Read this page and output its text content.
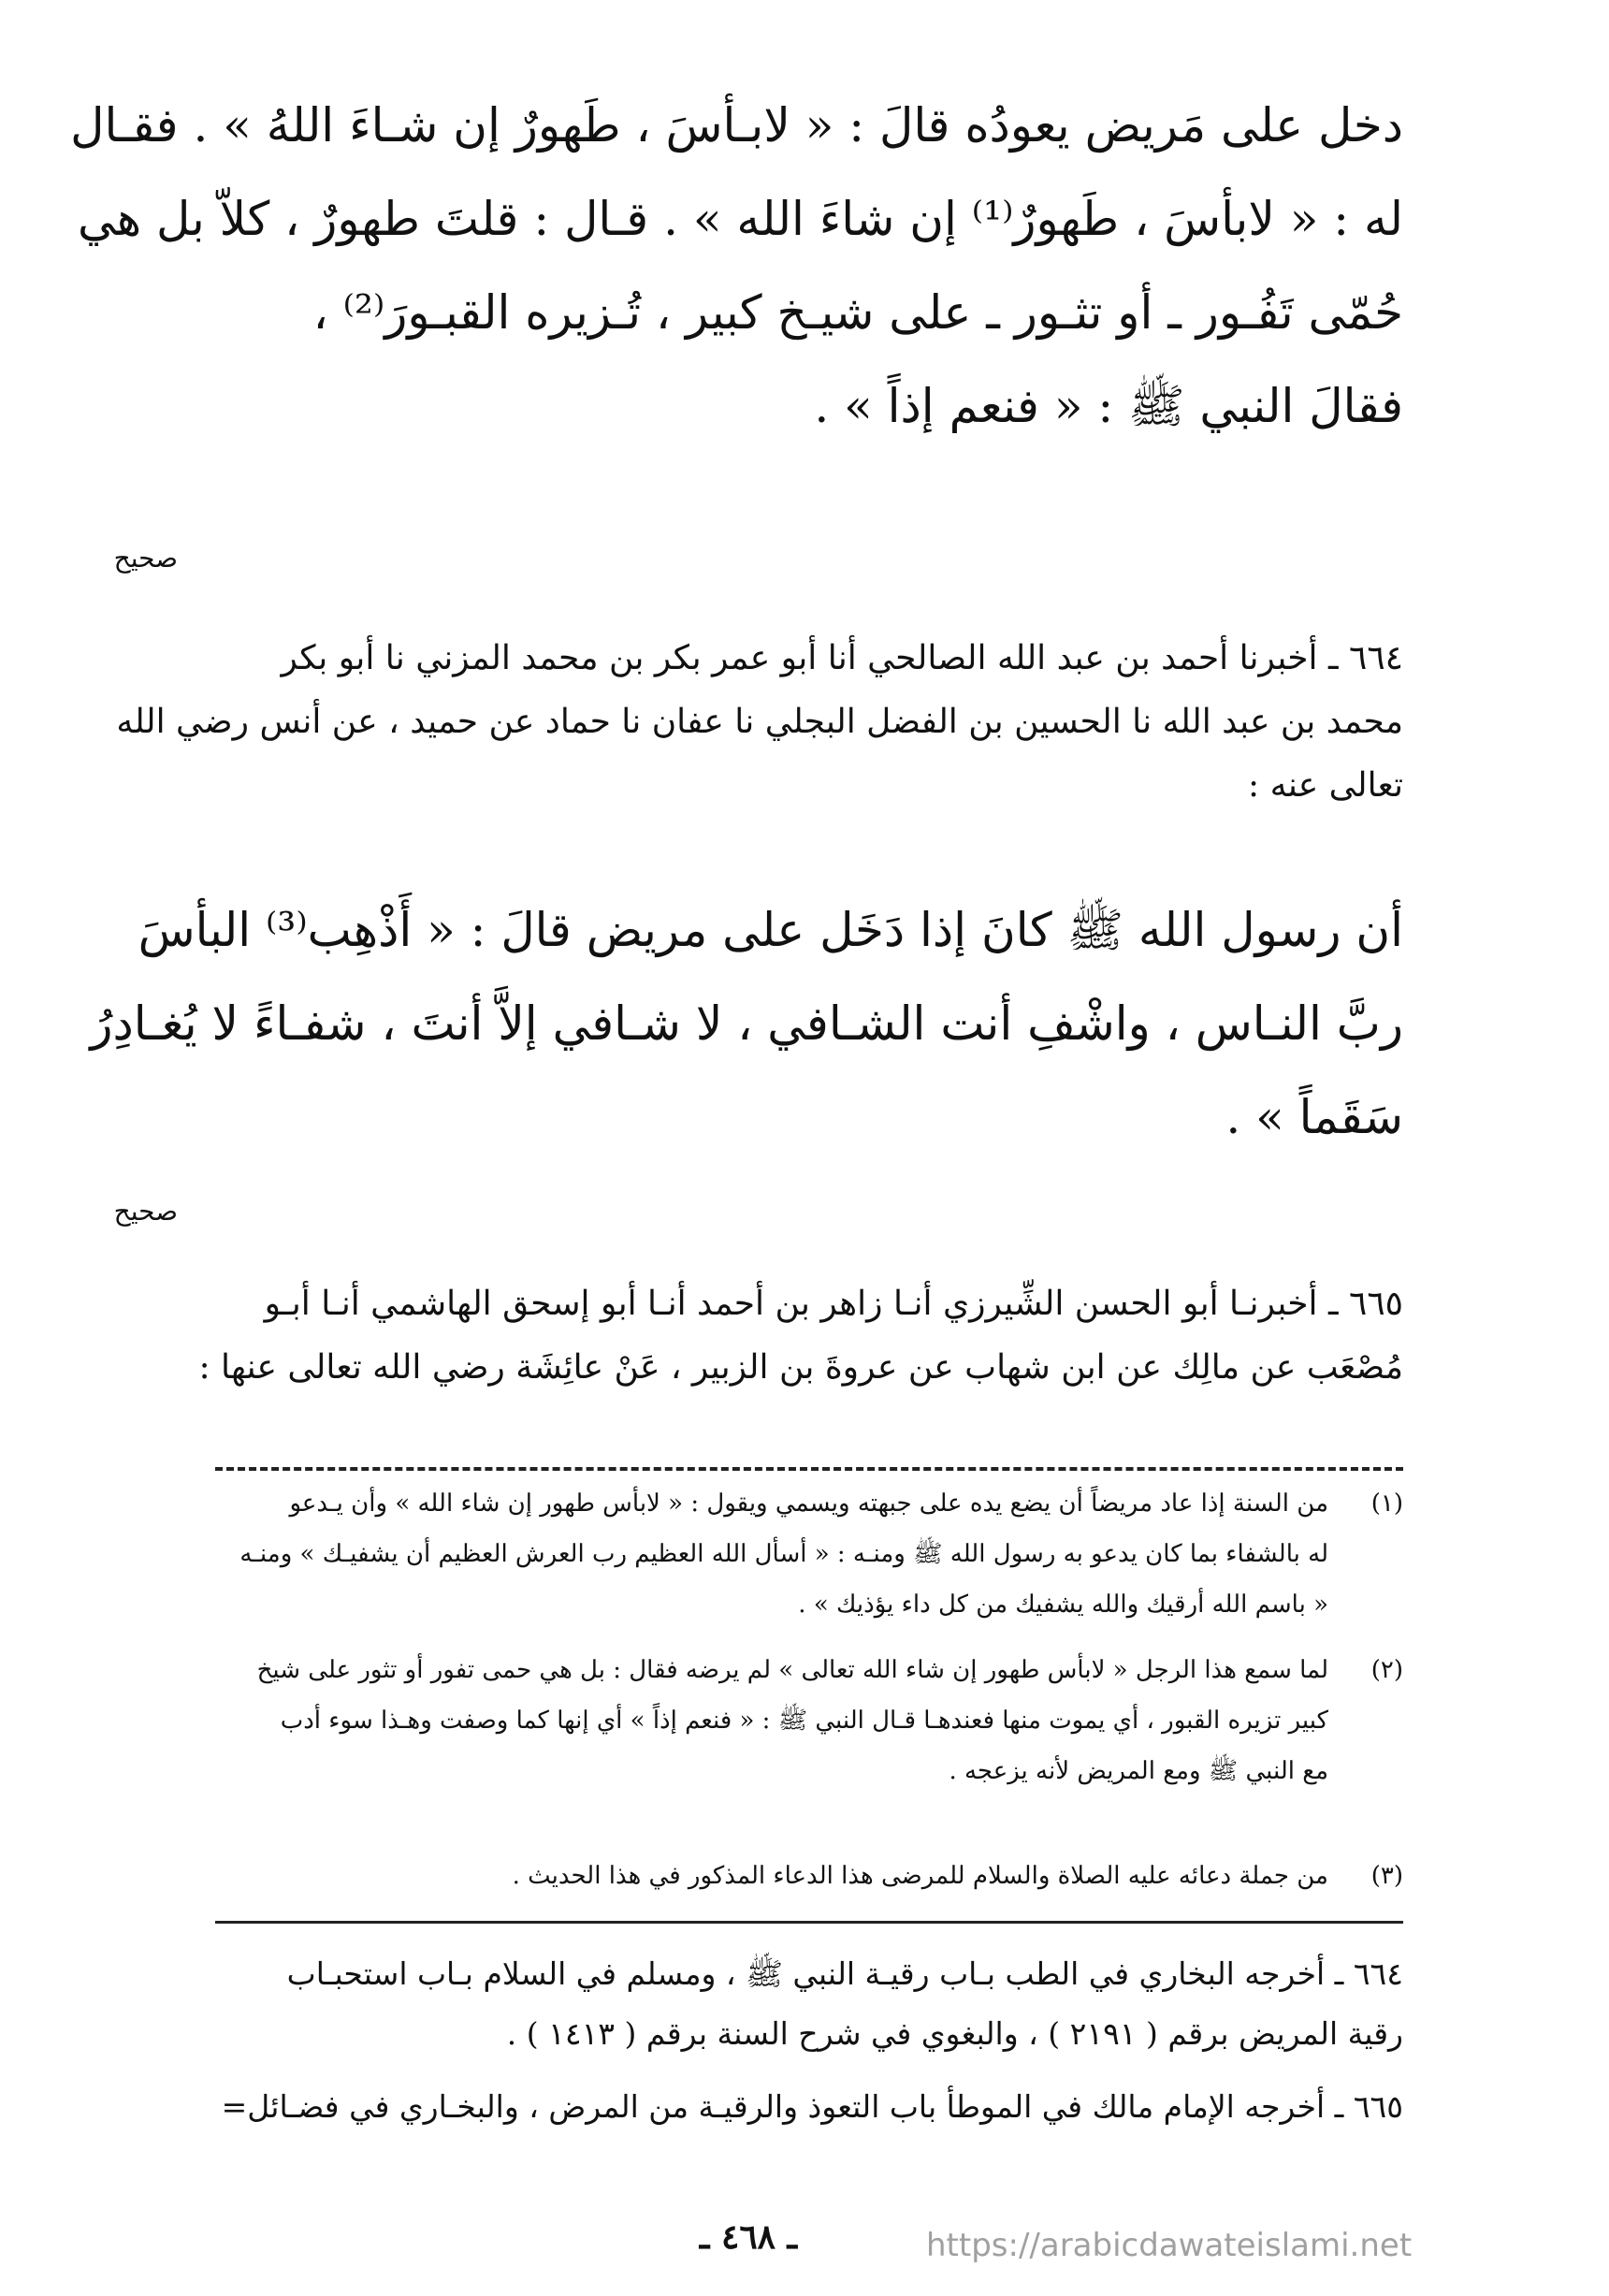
دخل على مَريض يعودُه قالَ : « لابـأسَ ، طَهورٌ إن شـاءَ اللهُ » . فقـال
له : « لابأسَ ، طَهورٌ⁽¹⁾ إن شاءَ الله » . قـال : قلتَ طهورٌ ، كلاّ بل هي
حُمّى تَفُـور ـ أو تثـور ـ على شيـخ كبير ، تُـزيره القبـورَ⁽²⁾ ،
فقالَ النبي ﷺ : « فنعم إذاً » .
صحيح
٦٦٤ ـ أخبرنا أحمد بن عبد الله الصالحي أنا أبو عمر بكر بن محمد المزني نا أبو بكر
محمد بن عبد الله نا الحسين بن الفضل البجلي نا عفان نا حماد عن حميد ، عن أنس رضي الله
تعالى عنه :
أن رسول الله ﷺ كانَ إذا دَخَل على مريض قالَ : « أَذْهِب⁽³⁾ البأسَ
ربَّ النـاس ، واشْفِ أنت الشـافي ، لا شـافي إلاَّ أنتَ ، شفـاءً لا يُغـادِرُ
سَقَماً » .
صحيح
٦٦٥ ـ أخبرنـا أبو الحسن الشِّيرزي أنـا زاهر بن أحمد أنـا أبو إسحق الهاشمي أنـا أبـو
مُصْعَب عن مالِك عن ابن شهاب عن عروةَ بن الزبير ، عَنْ عائِشَة رضي الله تعالى عنها :
(١)
من السنة إذا عاد مريضاً أن يضع يده على جبهته ويسمي ويقول : « لابأس طهور إن شاء الله » وأن يـدعو
له بالشفاء بما كان يدعو به رسول الله ﷺ ومنـه : « أسأل الله العظيم رب العرش العظيم أن يشفيـك » ومنـه
« باسم الله أرقيك والله يشفيك من كل داء يؤذيك » .
(٢)
لما سمع هذا الرجل « لابأس طهور إن شاء الله تعالى » لم يرضه فقال : بل هي حمى تفور أو تثور على شيخ
كبير تزيره القبور ، أي يموت منها فعندهـا قـال النبي ﷺ : « فنعم إذاً » أي إنها كما وصفت وهـذا سوء أدب
مع النبي ﷺ ومع المريض لأنه يزعجه .
(٣)
من جملة دعائه عليه الصلاة والسلام للمرضى هذا الدعاء المذكور في هذا الحديث .
٦٦٤ ـ أخرجه البخاري في الطب بـاب رقيـة النبي ﷺ ، ومسلم في السلام بـاب استحبـاب
رقية المريض برقم ( ٢١٩١ ) ، والبغوي في شرح السنة برقم ( ١٤١٣ ) .
٦٦٥ ـ أخرجه الإمام مالك في الموطأ باب التعوذ والرقيـة من المرض ، والبخـاري في فضـائل=
ـ ٤٦٨ ـ	https://arabicdawateislami.net
